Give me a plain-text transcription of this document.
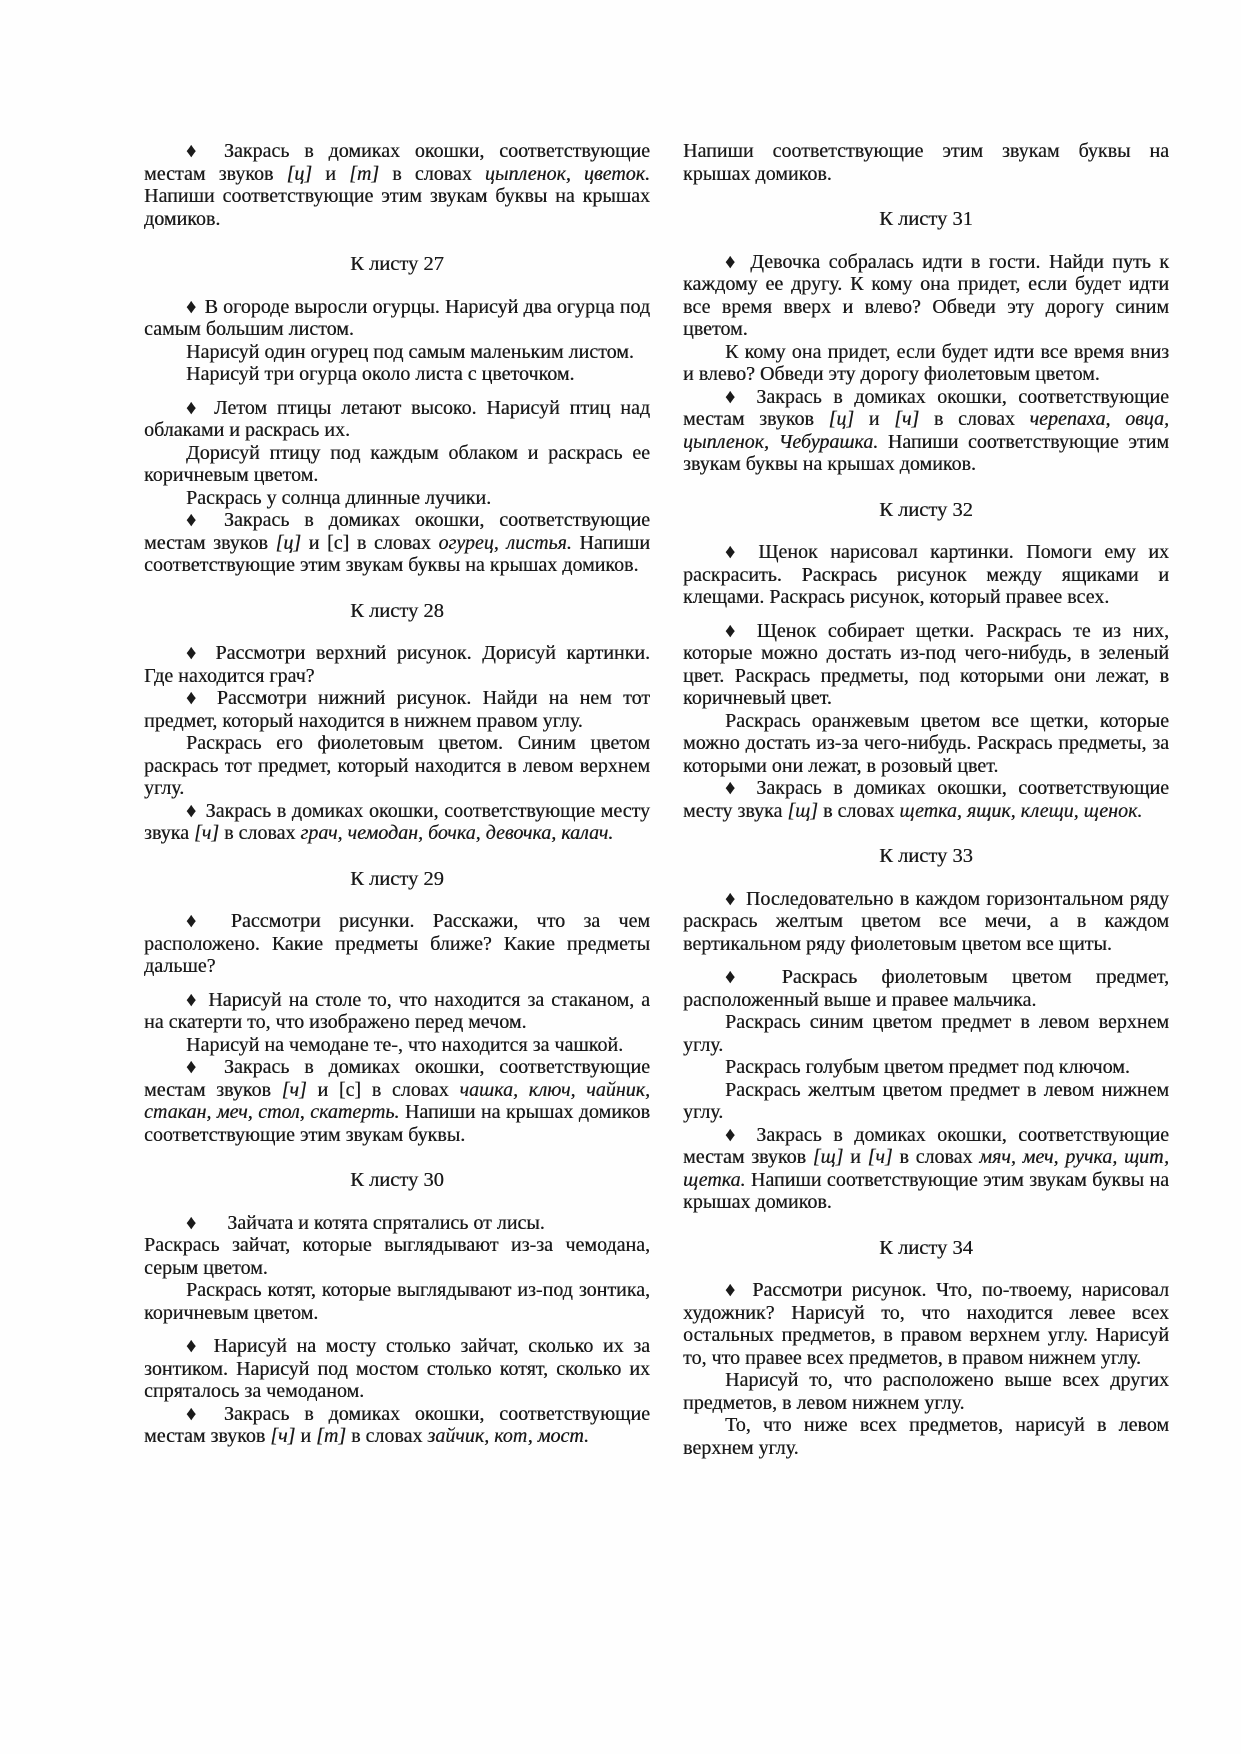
♦ Закрась в домиках окошки, соответствующие местам звуков [ц] и [т] в словах цыпленок, цветок. Напиши соответствующие этим звукам буквы на крышах домиков.

К листу 27

♦ В огороде выросли огурцы. Нарисуй два огурца под самым большим листом.

Нарисуй один огурец под самым маленьким листом.

Нарисуй три огурца около листа с цветочком.

♦ Летом птицы летают высоко. Нарисуй птиц над облаками и раскрась их.

Дорисуй птицу под каждым облаком и раскрась ее коричневым цветом.

Раскрась у солнца длинные лучики.

♦ Закрась в домиках окошки, соответствующие местам звуков [ц] и [с] в словах огурец, листья. Напиши соответствующие этим звукам буквы на крышах домиков.

К листу 28

♦ Рассмотри верхний рисунок. Дорисуй картинки. Где находится грач?

♦ Рассмотри нижний рисунок. Найди на нем тот предмет, который находится в нижнем правом углу.

Раскрась его фиолетовым цветом. Синим цветом раскрась тот предмет, который находится в левом верхнем углу.

♦ Закрась в домиках окошки, соответствующие месту звука [ч] в словах грач, чемодан, бочка, девочка, калач.

К листу 29

♦ Рассмотри рисунки. Расскажи, что за чем расположено. Какие предметы ближе? Какие предметы дальше?

♦ Нарисуй на столе то, что находится за стаканом, а на скатерти то, что изображено перед мечом.

Нарисуй на чемодане те-, что находится за чашкой.

♦ Закрась в домиках окошки, соответствующие местам звуков [ч] и [с] в словах чашка, ключ, чайник, стакан, меч, стол, скатерть. Напиши на крышах домиков соответствующие этим звукам буквы.

К листу 30

♦ Зайчата и котята спрятались от лисы.

Раскрась зайчат, которые выглядывают из-за чемодана, серым цветом.

Раскрась котят, которые выглядывают из-под зонтика, коричневым цветом.

♦ Нарисуй на мосту столько зайчат, сколько их за зонтиком. Нарисуй под мостом столько котят, сколько их спряталось за чемоданом.

♦ Закрась в домиках окошки, соответствующие местам звуков [ч] и [т] в словах зайчик, кот, мост.

Напиши соответствующие этим звукам буквы на крышах домиков.

К листу 31

♦ Девочка собралась идти в гости. Найди путь к каждому ее другу. К кому она придет, если будет идти все время вверх и влево? Обведи эту дорогу синим цветом.

К кому она придет, если будет идти все время вниз и влево? Обведи эту дорогу фиолетовым цветом.

♦ Закрась в домиках окошки, соответствующие местам звуков [ц] и [ч] в словах черепаха, овца, цыпленок, Чебурашка. Напиши соответствующие этим звукам буквы на крышах домиков.

К листу 32

♦ Щенок нарисовал картинки. Помоги ему их раскрасить. Раскрась рисунок между ящиками и клещами. Раскрась рисунок, который правее всех.

♦ Щенок собирает щетки. Раскрась те из них, которые можно достать из-под чего-нибудь, в зеленый цвет. Раскрась предметы, под которыми они лежат, в коричневый цвет.

Раскрась оранжевым цветом все щетки, которые можно достать из-за чего-нибудь. Раскрась предметы, за которыми они лежат, в розовый цвет.

♦ Закрась в домиках окошки, соответствующие месту звука [щ] в словах щетка, ящик, клещи, щенок.

К листу 33

♦ Последовательно в каждом горизонтальном ряду раскрась желтым цветом все мечи, а в каждом вертикальном ряду фиолетовым цветом все щиты.

♦ Раскрась фиолетовым цветом предмет, расположенный выше и правее мальчика.

Раскрась синим цветом предмет в левом верхнем углу.

Раскрась голубым цветом предмет под ключом.

Раскрась желтым цветом предмет в левом нижнем углу.

♦ Закрась в домиках окошки, соответствующие местам звуков [щ] и [ч] в словах мяч, меч, ручка, щит, щетка. Напиши соответствующие этим звукам буквы на крышах домиков.

К листу 34

♦ Рассмотри рисунок. Что, по-твоему, нарисовал художник? Нарисуй то, что находится левее всех остальных предметов, в правом верхнем углу. Нарисуй то, что правее всех предметов, в правом нижнем углу.

Нарисуй то, что расположено выше всех других предметов, в левом нижнем углу.

То, что ниже всех предметов, нарисуй в левом верхнем углу.
